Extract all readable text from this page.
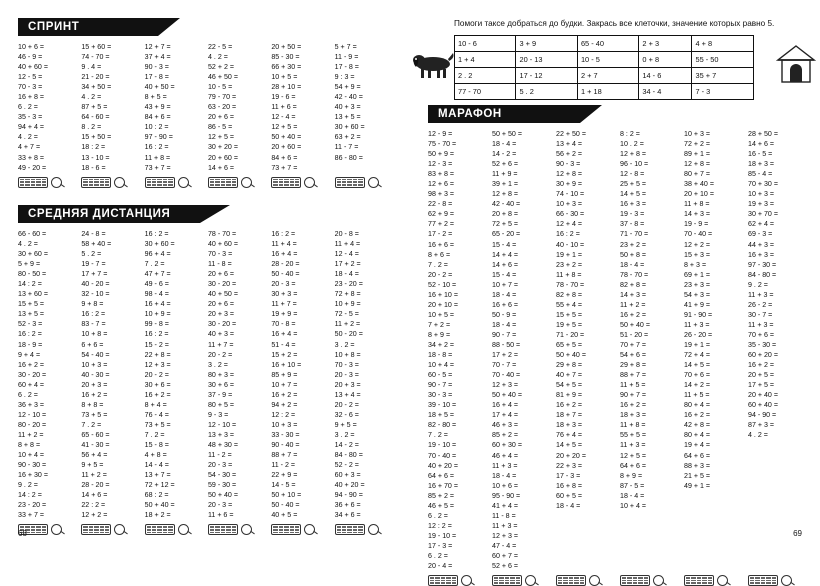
СПРИНТ
10 + 6 =
46 - 9 =
40 + 60 =
12 - 5 =
70 - 3 =
16 + 8 =
6 . 2 =
35 - 3 =
94 + 4 =
4 . 2 =
4 + 7 =
33 + 8 =
49 - 20 =
15 + 60 =
74 - 70 =
9 . 4 =
21 - 20 =
34 + 50 =
4 . 2 =
87 + 5 =
64 - 60 =
8 . 2 =
15 + 50 =
18 : 2 =
13 - 10 =
18 - 6 =
12 + 7 =
37 + 4 =
90 - 3 =
17 - 8 =
40 + 50 =
8 + 5 =
43 + 9 =
84 + 6 =
10 : 2 =
97 - 90 =
16 : 2 =
11 + 8 =
73 + 7 =
22 - 5 =
4 . 2 =
52 + 2 =
46 + 50 =
10 - 5 =
79 - 70 =
63 - 20 =
20 + 6 =
86 - 5 =
12 + 5 =
30 + 20 =
20 + 60 =
14 + 6 =
20 + 50 =
85 - 30 =
66 + 30 =
10 + 5 =
28 + 10 =
19 - 6 =
11 + 6 =
12 - 4 =
12 + 5 =
50 + 40 =
20 + 60 =
84 + 6 =
73 + 7 =
5 + 7 =
11 - 9 =
17 - 8 =
9 : 3 =
54 + 9 =
42 - 40 =
40 + 3 =
13 + 5 =
30 + 60 =
63 + 2 =
11 - 7 =
86 - 80 =
СРЕДНЯЯ ДИСТАНЦИЯ
66 - 60 =
4 . 2 =
30 + 60 =
5 + 9 =
80 - 50 =
14 : 2 =
13 + 60 =
15 + 5 =
13 + 5 =
52 - 3 =
16 : 2 =
18 - 9 =
9 + 4 =
16 + 2 =
30 - 20 =
60 + 4 =
6 . 2 =
36 + 3 =
12 - 10 =
80 - 20 =
11 + 2 =
8 + 8 =
10 + 4 =
90 - 30 =
16 + 30 =
9 . 2 =
14 : 2 =
23 - 20 =
33 + 7 =
24 - 8 =
58 + 40 =
5 . 2 =
19 - 7 =
17 + 7 =
40 - 20 =
32 - 10 =
9 + 8 =
16 : 2 =
83 - 7 =
10 + 8 =
6 + 6 =
54 - 40 =
10 + 3 =
40 - 30 =
20 + 3 =
16 + 2 =
8 + 8 =
73 + 5 =
7 . 2 =
65 - 60 =
41 - 30 =
56 + 4 =
9 + 5 =
11 + 2 =
28 - 20 =
14 + 6 =
22 : 2 =
12 + 2 =
16 : 2 =
30 + 60 =
96 + 4 =
7 . 2 =
47 + 7 =
49 - 6 =
98 - 4 =
16 + 4 =
10 + 9 =
99 - 8 =
16 : 2 =
15 - 2 =
22 + 8 =
12 + 3 =
20 - 2 =
30 + 6 =
16 + 2 =
8 + 4 =
76 - 4 =
73 + 5 =
7 . 2 =
15 - 8 =
4 + 8 =
14 - 4 =
13 + 7 =
72 + 12 =
68 : 2 =
50 + 40 =
18 + 2 =
78 - 70 =
40 + 60 =
70 - 3 =
11 - 8 =
20 + 6 =
30 - 20 =
40 + 50 =
20 + 6 =
20 + 3 =
30 - 20 =
40 + 3 =
11 + 7 =
20 - 2 =
3 . 2 =
80 + 3 =
30 + 6 =
37 - 9 =
80 + 5 =
9 - 3 =
12 - 10 =
13 + 3 =
48 + 30 =
11 - 2 =
20 - 3 =
54 - 30 =
59 - 30 =
50 + 40 =
20 - 3 =
11 + 6 =
16 : 2 =
11 + 4 =
16 + 4 =
28 - 20 =
50 - 40 =
20 - 3 =
30 + 3 =
11 + 7 =
19 + 9 =
70 - 8 =
16 + 4 =
51 - 4 =
15 + 2 =
16 + 10 =
85 + 9 =
10 + 7 =
16 + 2 =
94 + 2 =
12 : 2 =
10 + 3 =
33 - 30 =
90 - 40 =
88 + 7 =
11 - 2 =
22 + 9 =
14 - 5 =
50 + 10 =
50 - 40 =
40 + 5 =
20 - 8 =
11 + 4 =
12 - 4 =
17 + 2 =
18 - 4 =
23 - 20 =
72 + 8 =
10 + 9 =
72 - 5 =
11 + 2 =
50 - 20 =
3 . 2 =
10 + 8 =
70 - 3 =
20 - 3 =
20 + 3 =
13 + 4 =
20 - 2 =
32 - 6 =
9 + 5 =
3 . 2 =
14 - 2 =
84 - 80 =
52 - 2 =
60 + 3 =
40 + 20 =
94 - 90 =
36 + 6 =
34 + 6 =
68
Помоги таксе добраться до будки. Закрась все клеточки, значение которых равно 5.
10 - 6	3 + 9	65 - 40	2 + 3	4 + 8
1 + 4	20 - 13	10 - 5	0 + 8	55 - 50
2 . 2	17 - 12	2 + 7	14 - 6	35 + 7
77 - 70	5 . 2	1 + 18	34 - 4	7 - 3
МАРАФОН
12 - 9 =
75 - 70 =
50 + 9 =
12 - 3 =
83 + 8 =
12 + 6 =
98 + 3 =
22 - 8 =
62 + 9 =
77 + 2 =
17 - 2 =
16 + 6 =
8 + 6 =
7 . 2 =
20 - 2 =
52 - 10 =
16 + 10 =
20 + 10 =
10 + 5 =
7 + 2 =
8 + 9 =
34 + 2 =
18 - 8 =
10 + 4 =
60 - 5 =
90 - 7 =
30 - 3 =
39 - 10 =
18 + 5 =
82 - 80 =
7 . 2 =
19 - 10 =
70 - 40 =
40 + 20 =
64 + 6 =
16 + 70 =
85 + 2 =
46 + 5 =
6 . 2 =
12 : 2 =
19 - 10 =
17 - 3 =
6 . 2 =
20 - 4 =
50 + 50 =
18 - 4 =
14 - 2 =
52 + 6 =
11 + 9 =
39 + 1 =
12 + 8 =
42 - 40 =
20 + 8 =
72 + 5 =
65 - 20 =
15 - 4 =
14 + 4 =
14 + 6 =
15 - 4 =
10 + 7 =
18 - 4 =
16 + 6 =
50 - 9 =
18 - 4 =
90 - 7 =
88 - 50 =
17 + 2 =
70 - 7 =
70 - 40 =
12 + 3 =
50 + 40 =
16 + 4 =
17 + 4 =
46 + 3 =
85 + 2 =
60 + 30 =
46 + 4 =
11 + 3 =
18 - 4 =
10 + 6 =
95 - 90 =
41 + 4 =
11 - 8 =
11 + 3 =
12 + 3 =
47 - 4 =
60 + 7 =
52 + 6 =
22 + 50 =
13 + 4 =
56 + 2 =
90 - 3 =
12 + 8 =
30 + 9 =
74 - 10 =
10 + 3 =
66 - 30 =
12 + 4 =
16 : 2 =
40 - 10 =
19 + 1 =
23 + 2 =
11 + 8 =
78 - 70 =
82 + 8 =
55 + 4 =
15 + 5 =
19 + 5 =
71 - 20 =
65 + 5 =
50 + 40 =
29 + 8 =
40 + 7 =
54 + 5 =
81 + 9 =
16 + 2 =
18 + 7 =
18 + 3 =
76 + 4 =
14 + 5 =
20 + 20 =
22 + 3 =
17 - 3 =
16 + 8 =
60 + 5 =
18 - 4 =
8 : 2 =
10 . 2 =
12 + 8 =
96 - 10 =
12 - 8 =
25 + 5 =
14 + 5 =
16 + 3 =
19 - 3 =
37 - 8 =
71 - 70 =
23 + 2 =
50 + 8 =
18 - 4 =
78 - 70 =
82 + 8 =
14 + 3 =
11 + 2 =
16 + 2 =
50 + 40 =
51 - 20 =
70 + 7 =
54 + 6 =
29 + 8 =
88 + 7 =
11 + 5 =
90 + 7 =
16 + 2 =
18 + 3 =
11 + 8 =
55 + 5 =
11 + 3 =
12 + 5 =
64 + 6 =
8 + 9 =
87 - 5 =
18 - 4 =
10 + 4 =
10 + 3 =
72 + 2 =
89 + 1 =
12 + 8 =
80 + 7 =
38 + 40 =
20 + 10 =
11 + 8 =
14 + 3 =
19 - 9 =
70 - 40 =
12 + 2 =
15 + 3 =
8 + 3 =
69 + 1 =
23 + 3 =
54 + 3 =
41 + 9 =
91 - 90 =
11 + 3 =
26 - 20 =
19 + 1 =
72 + 4 =
14 + 5 =
70 + 6 =
14 + 2 =
11 + 5 =
80 + 4 =
16 + 2 =
42 + 8 =
80 + 4 =
19 + 4 =
64 + 6 =
88 + 3 =
21 + 5 =
49 + 1 =
28 + 50 =
14 + 6 =
16 - 5 =
18 + 3 =
85 - 4 =
70 + 30 =
10 + 3 =
19 + 3 =
30 + 70 =
62 + 4 =
69 - 3 =
44 + 3 =
16 + 3 =
97 - 30 =
84 - 80 =
9 . 2 =
11 + 3 =
26 - 2 =
30 - 7 =
11 + 3 =
70 + 6 =
35 - 30 =
60 + 20 =
16 + 2 =
20 + 5 =
17 + 5 =
20 + 40 =
60 + 40 =
94 - 90 =
87 + 3 =
4 . 2 =
69
